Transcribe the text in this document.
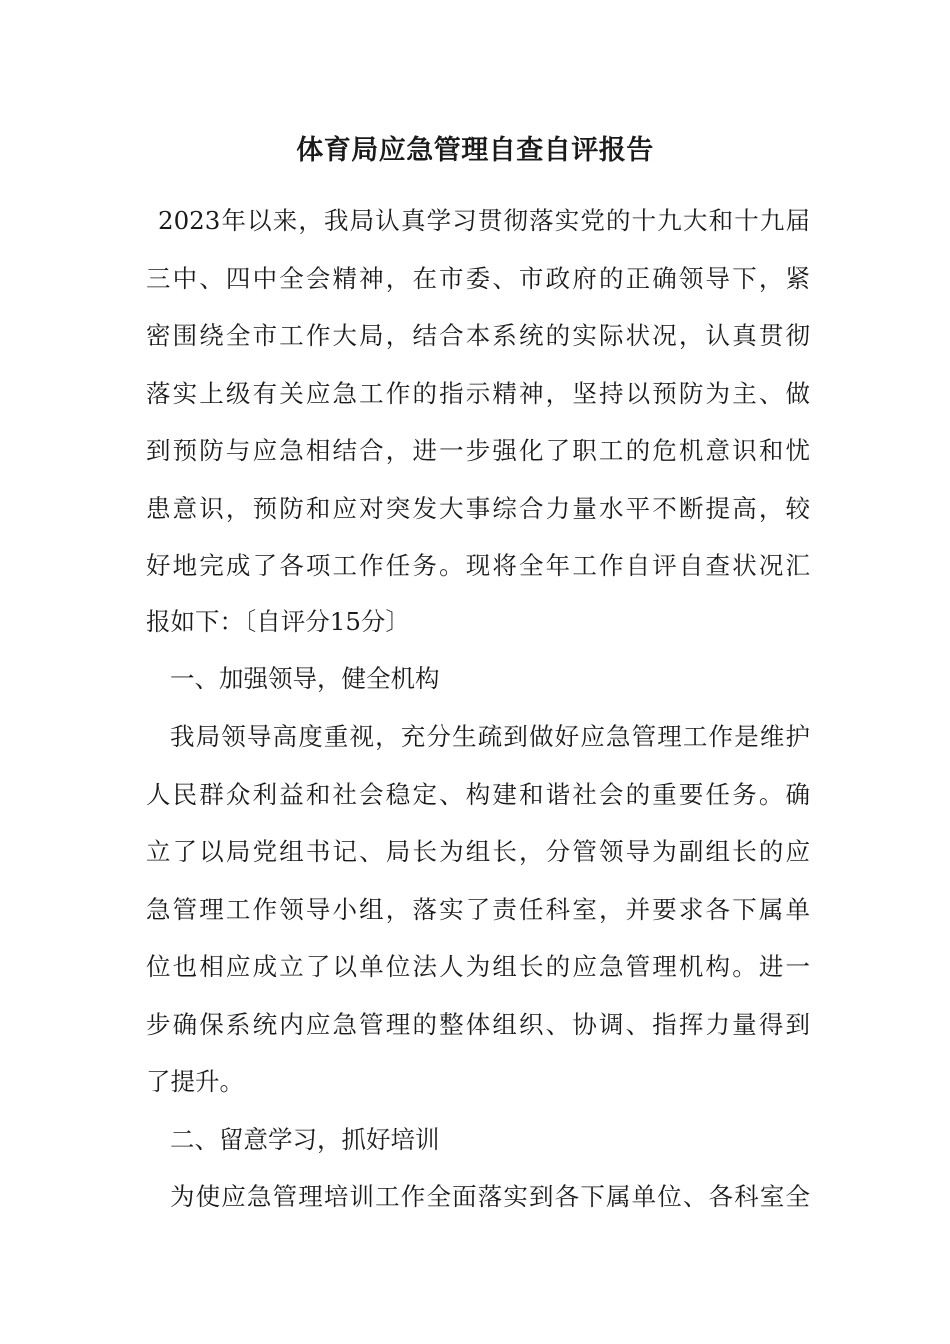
体育局应急管理自查自评报告
2023年以来，我局认真学习贯彻落实党的十九大和十九届
三中、四中全会精神，在市委、市政府的正确领导下，紧
密围绕全市工作大局，结合本系统的实际状况，认真贯彻
落实上级有关应急工作的指示精神，坚持以预防为主、做
到预防与应急相结合，进一步强化了职工的危机意识和忧
患意识，预防和应对突发大事综合力量水平不断提高，较
好地完成了各项工作任务。现将全年工作自评自查状况汇
报如下：〔自评分15分〕
一、加强领导，健全机构
我局领导高度重视，充分生疏到做好应急管理工作是维护
人民群众利益和社会稳定、构建和谐社会的重要任务。确
立了以局党组书记、局长为组长，分管领导为副组长的应
急管理工作领导小组，落实了责任科室，并要求各下属单
位也相应成立了以单位法人为组长的应急管理机构。进一
步确保系统内应急管理的整体组织、协调、指挥力量得到
了提升。
二、留意学习，抓好培训
为使应急管理培训工作全面落实到各下属单位、各科室全
